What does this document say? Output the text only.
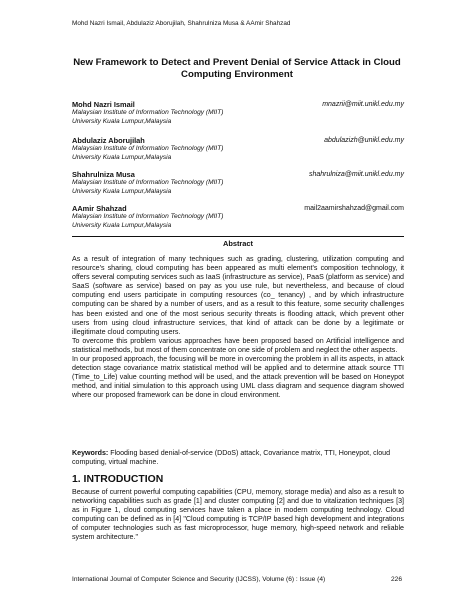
Mohd Nazri Ismail, Abdulaziz Aborujilah, Shahrulniza Musa & AAmir Shahzad
New Framework to Detect and Prevent Denial of Service Attack in Cloud Computing Environment
Mohd Nazri Ismail	mnazrii@miit.unikl.edu.my
Malaysian Institute of Information Technology (MIIT)
University Kuala Lumpur,Malaysia
Abdulaziz Aborujilah	abdulazizh@unikl.edu.my
Malaysian Institute of Information Technology (MIIT)
University Kuala Lumpur,Malaysia
Shahrulniza Musa	shahrulniza@miit.unikl.edu.my
Malaysian Institute of Information Technology (MIIT)
University Kuala Lumpur,Malaysia
AAmir Shahzad	mail2aamirshahzad@gmail.com
Malaysian Institute of Information Technology (MIIT)
University Kuala Lumpur,Malaysia
Abstract

As a result of integration of many techniques such as grading, clustering, utilization computing and resource's sharing, cloud computing has been appeared as multi element's composition technology, it offers several computing services such as IaaS (infrastructure as service), PaaS (platform as service) and SaaS (software as service) based on pay as you use rule, but nevertheless, and because of cloud computing end users participate in computing resources (co_ tenancy) , and by which infrastructure computing can be shared by a number of users, and as a result to this feature, some security challenges has been existed and one of the most serious security threats is flooding attack, which prevent other users from using cloud infrastructure services, that kind of attack can be done by a legitimate or illegitimate cloud computing users.

To overcome this problem various approaches have been proposed based on Artificial intelligence and statistical methods, but most of them concentrate on one side of problem and neglect the other aspects.

In our proposed approach, the focusing will be more in overcoming the problem in all its aspects, in attack detection stage covariance matrix statistical method will be applied and to determine attack source TTI (Time_to_Life) value counting method will be used, and the attack prevention will be based on Honeypot method, and initial simulation to this approach using UML class diagram and sequence diagram showed where our proposed framework can be done in cloud environment.

Keywords: Flooding based denial-of-service (DDoS) attack, Covariance matrix, TTI, Honeypot, cloud computing, virtual machine.
1. INTRODUCTION

Because of current powerful computing capabilities (CPU, memory, storage media) and also as a result to networking capabilities such as grade [1] and cluster computing [2] and due to vitalization techniques [3] as in Figure 1, cloud computing services have taken a place in modern computing technology. Cloud computing can be defined as in [4] "Cloud computing is TCP/IP based high development and integrations of computer technologies such as fast microprocessor, huge memory, high-speed network and reliable system architecture."

International Journal of Computer Science and Security (IJCSS), Volume (6) : Issue (4)	226
